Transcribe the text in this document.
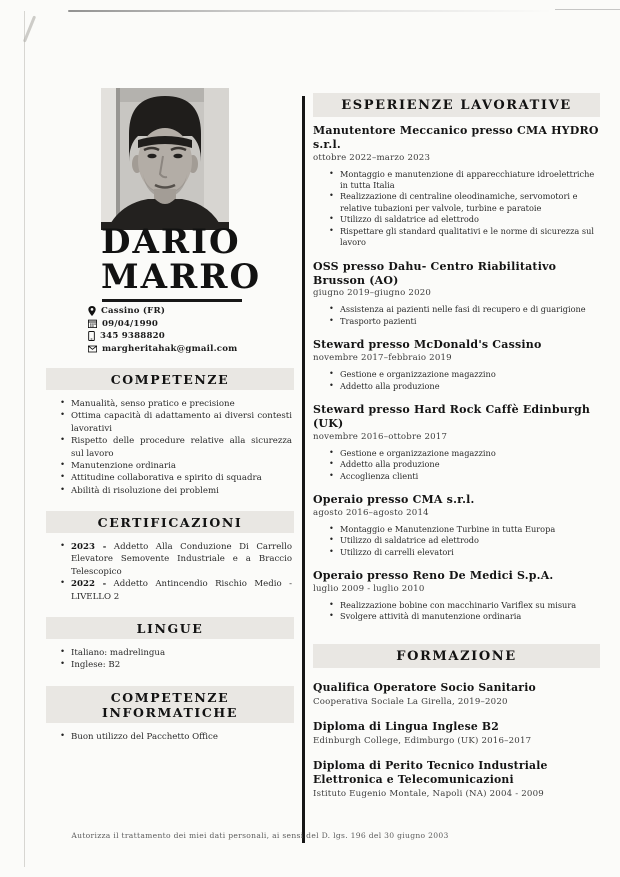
DARIO
MARRO
Cassino (FR)
09/04/1990
345 9388820
margheritahak@gmail.com
COMPETENZE
• Manualità, senso pratico e precisione
• Ottima capacità di adattamento ai diversi contesti lavorativi
• Rispetto delle procedure relative alla sicurezza sul lavoro
• Manutenzione ordinaria
• Attitudine collaborativa e spirito di squadra
• Abilità di risoluzione dei problemi
CERTIFICAZIONI
• 2023 - Addetto Alla Conduzione Di Carrello Elevatore Semovente Industriale e a Braccio Telescopico
• 2022 - Addetto Antincendio Rischio Medio - LIVELLO 2
LINGUE
• Italiano: madrelingua
• Inglese: B2
COMPETENZE INFORMATICHE
• Buon utilizzo del Pacchetto Office
ESPERIENZE LAVORATIVE
Manutentore Meccanico presso CMA HYDRO s.r.l.
ottobre 2022–marzo 2023
• Montaggio e manutenzione di apparecchiature idroelettriche in tutta Italia
• Realizzazione di centraline oleodinamiche, servomotori e relative tubazioni per valvole, turbine e paratoie
• Utilizzo di saldatrice ad elettrodo
• Rispettare gli standard qualitativi e le norme di sicurezza sul lavoro
OSS presso Dahu- Centro Riabilitativo Brusson (AO)
giugno 2019–giugno 2020
• Assistenza ai pazienti nelle fasi di recupero e di guarigione
• Trasporto pazienti
Steward presso McDonald's Cassino
novembre 2017–febbraio 2019
• Gestione e organizzazione magazzino
• Addetto alla produzione
Steward presso Hard Rock Caffè Edinburgh (UK)
novembre 2016–ottobre 2017
• Gestione e organizzazione magazzino
• Addetto alla produzione
• Accoglienza clienti
Operaio presso CMA s.r.l.
agosto 2016–agosto 2014
• Montaggio e Manutenzione Turbine in tutta Europa
• Utilizzo di saldatrice ad elettrodo
• Utilizzo di carrelli elevatori
Operaio presso Reno De Medici S.p.A.
luglio 2009 - luglio 2010
• Realizzazione bobine con macchinario Variflex su misura
• Svolgere attività di manutenzione ordinaria
FORMAZIONE
Qualifica Operatore Socio Sanitario
Cooperativa Sociale La Girella, 2019–2020
Diploma di Lingua Inglese B2
Edinburgh College, Edimburgo (UK) 2016–2017
Diploma di Perito Tecnico Industriale Elettronica e Telecomunicazioni
Istituto Eugenio Montale, Napoli (NA) 2004 - 2009
Autorizza il trattamento dei miei dati personali, ai sensi del D. lgs. 196 del 30 giugno 2003
